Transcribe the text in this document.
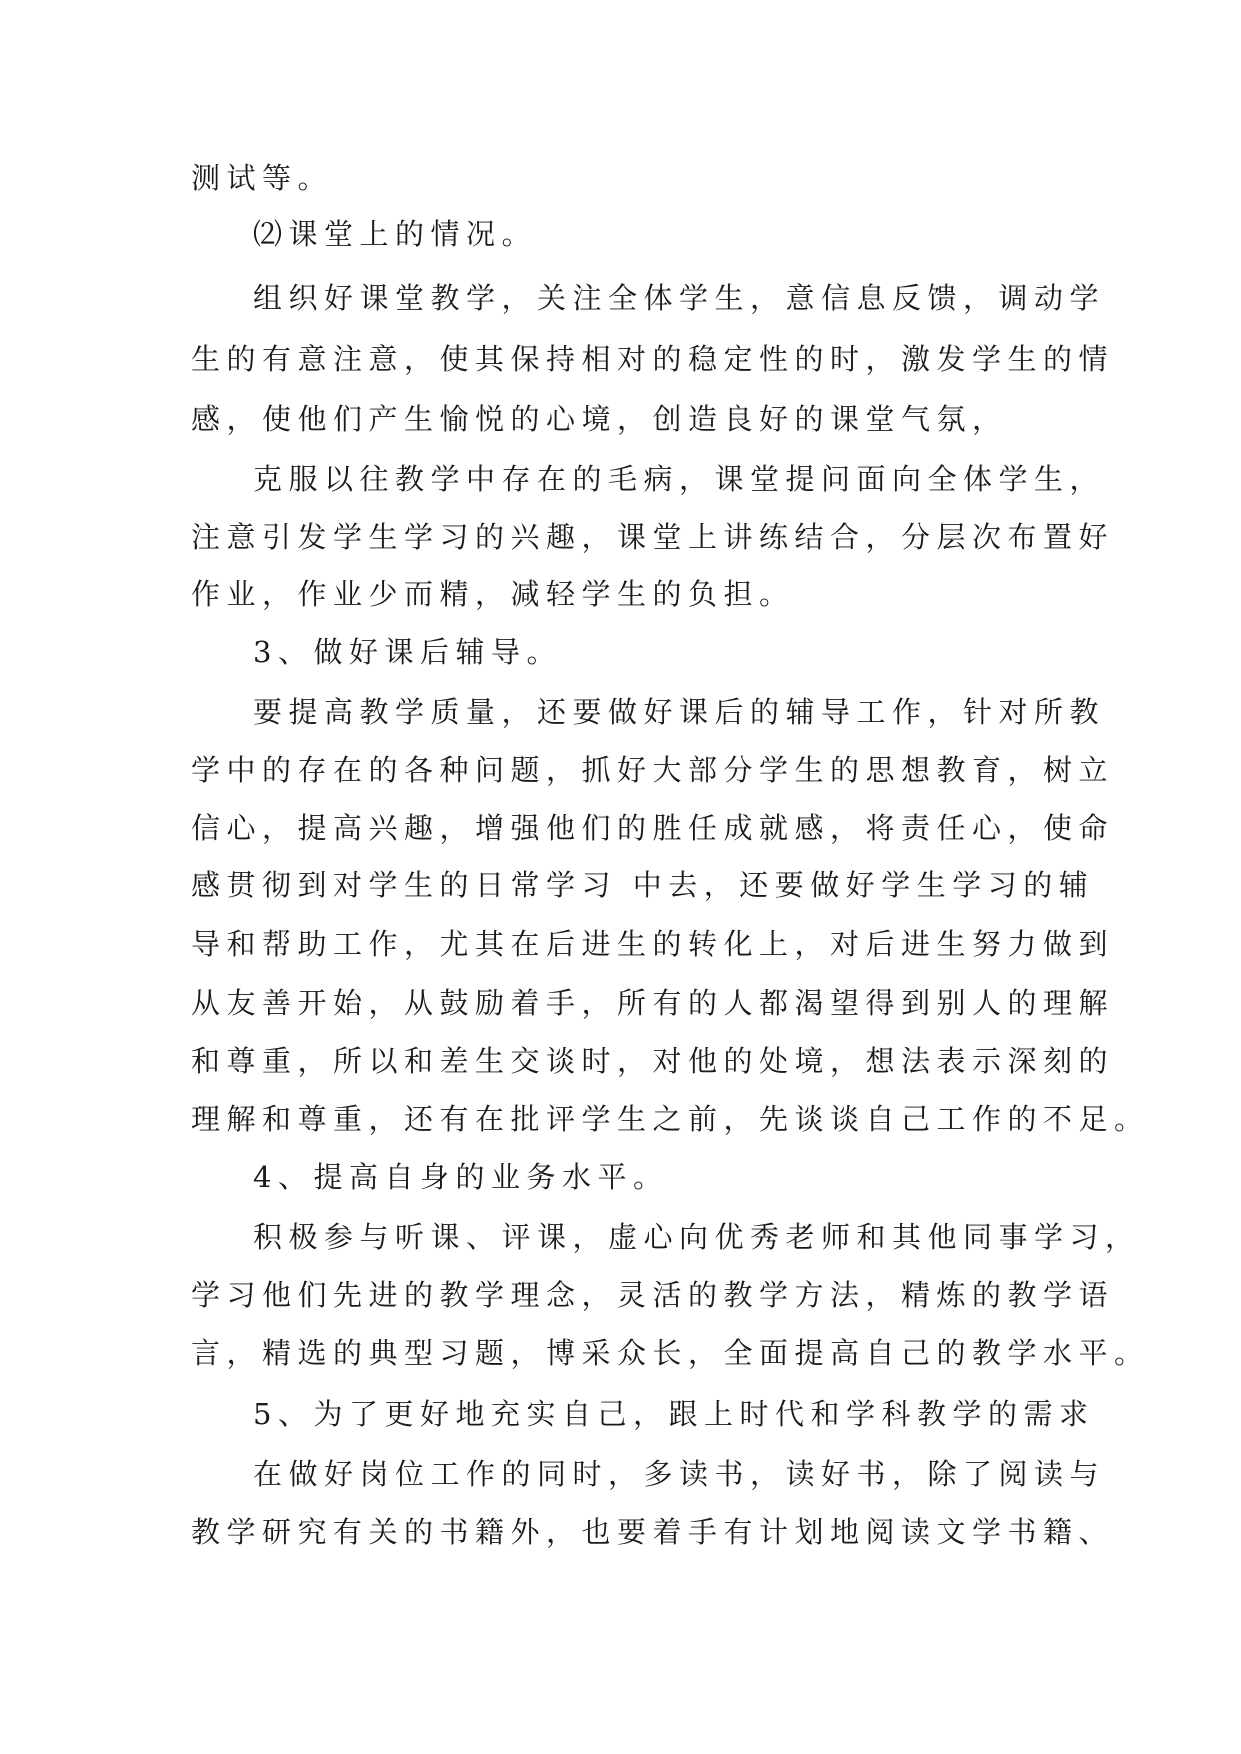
测试等。
⑵课堂上的情况。
组织好课堂教学，关注全体学生，意信息反馈，调动学
生的有意注意，使其保持相对的稳定性的时，激发学生的情
感，使他们产生愉悦的心境，创造良好的课堂气氛，
克服以往教学中存在的毛病，课堂提问面向全体学生，
注意引发学生学习的兴趣，课堂上讲练结合，分层次布置好
作业，作业少而精，减轻学生的负担。
3、做好课后辅导。
要提高教学质量，还要做好课后的辅导工作，针对所教
学中的存在的各种问题，抓好大部分学生的思想教育，树立
信心，提高兴趣，增强他们的胜任成就感，将责任心，使命
感贯彻到对学生的日常学习 中去，还要做好学生学习的辅
导和帮助工作，尤其在后进生的转化上，对后进生努力做到
从友善开始，从鼓励着手，所有的人都渴望得到别人的理解
和尊重，所以和差生交谈时，对他的处境，想法表示深刻的
理解和尊重，还有在批评学生之前，先谈谈自己工作的不足。
4、提高自身的业务水平。
积极参与听课、评课，虚心向优秀老师和其他同事学习，
学习他们先进的教学理念，灵活的教学方法，精炼的教学语
言，精选的典型习题，博采众长，全面提高自己的教学水平。
5、为了更好地充实自己，跟上时代和学科教学的需求
在做好岗位工作的同时，多读书，读好书，除了阅读与
教学研究有关的书籍外，也要着手有计划地阅读文学书籍、
